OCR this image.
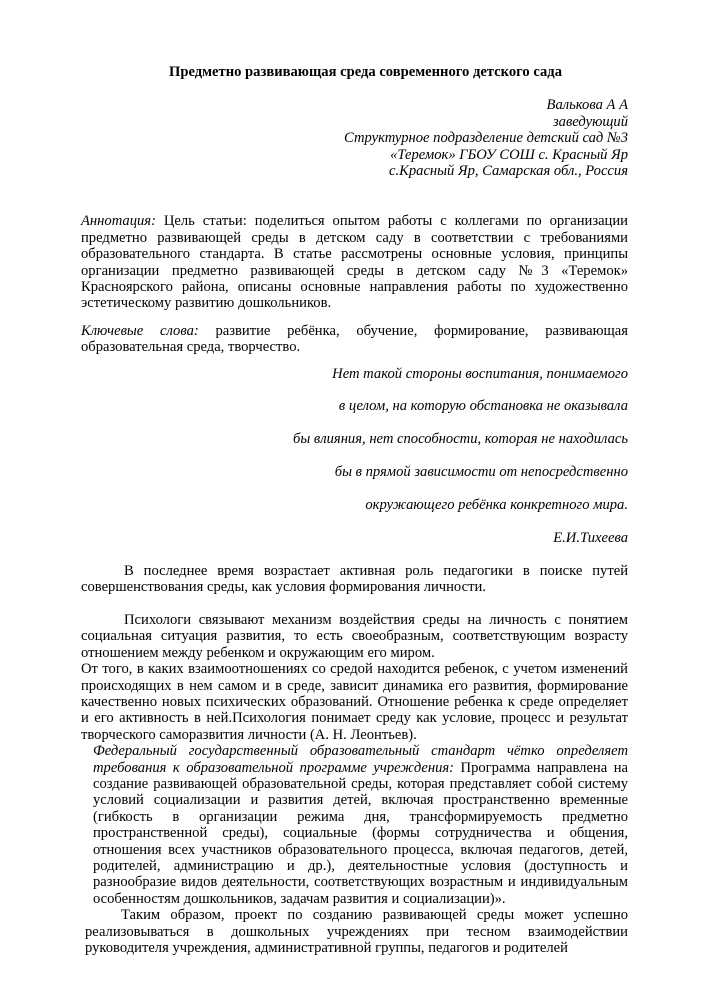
Предметно развивающая среда современного детского сада

Валькова А А

заведующий

Структурное подразделение детский сад №3

«Теремок» ГБОУ СОШ с. Красный Яр

с.Красный Яр, Самарская обл., Россия

Аннотация: Цель статьи: поделиться опытом работы с коллегами по организации предметно развивающей среды в детском саду в соответствии с требованиями образовательного стандарта. В статье рассмотрены основные условия, принципы организации предметно развивающей среды в детском саду №3 «Теремок» Красноярского района, описаны основные направления работы по художественно эстетическому развитию дошкольников.

Ключевые слова: развитие ребёнка, обучение, формирование, развивающая образовательная среда, творчество.

Нет такой стороны воспитания, понимаемого

в целом, на которую обстановка не оказывала

бы влияния, нет способности, которая не находилась

бы в прямой зависимости от непосредственно

окружающего ребёнка конкретного мира.

Е.И.Тихеева

В последнее время возрастает активная роль педагогики в поиске путей совершенствования среды, как условия формирования личности.

Психологи связывают механизм воздействия среды на личность с понятием социальная ситуация развития, то есть своеобразным, соответствующим возрасту отношением между ребенком и окружающим его миром.

От того, в каких взаимоотношениях со средой находится ребенок, с учетом изменений происходящих в нем самом и в среде, зависит динамика его развития, формирование качественно новых психических образований. Отношение ребенка к среде определяет и его активность в ней.Психология понимает среду как условие, процесс и результат творческого саморазвития личности (А. Н. Леонтьев).

Федеральный государственный образовательный стандарт чётко определяет требования к образовательной программе учреждения: Программа направлена на создание развивающей образовательной среды, которая представляет собой систему условий социализации и развития детей, включая пространственно временные (гибкость в организации режима дня, трансформируемость предметно пространственной среды), социальные (формы сотрудничества и общения, отношения всех участников образовательного процесса, включая педагогов, детей, родителей, администрацию и др.), деятельностные условия (доступность и разнообразие видов деятельности, соответствующих возрастным и индивидуальным особенностям дошкольников, задачам развития и социализации)».

Таким образом, проект по созданию развивающей среды может успешно реализовываться в дошкольных учреждениях при тесном взаимодействии руководителя учреждения, административной группы, педагогов и родителей
